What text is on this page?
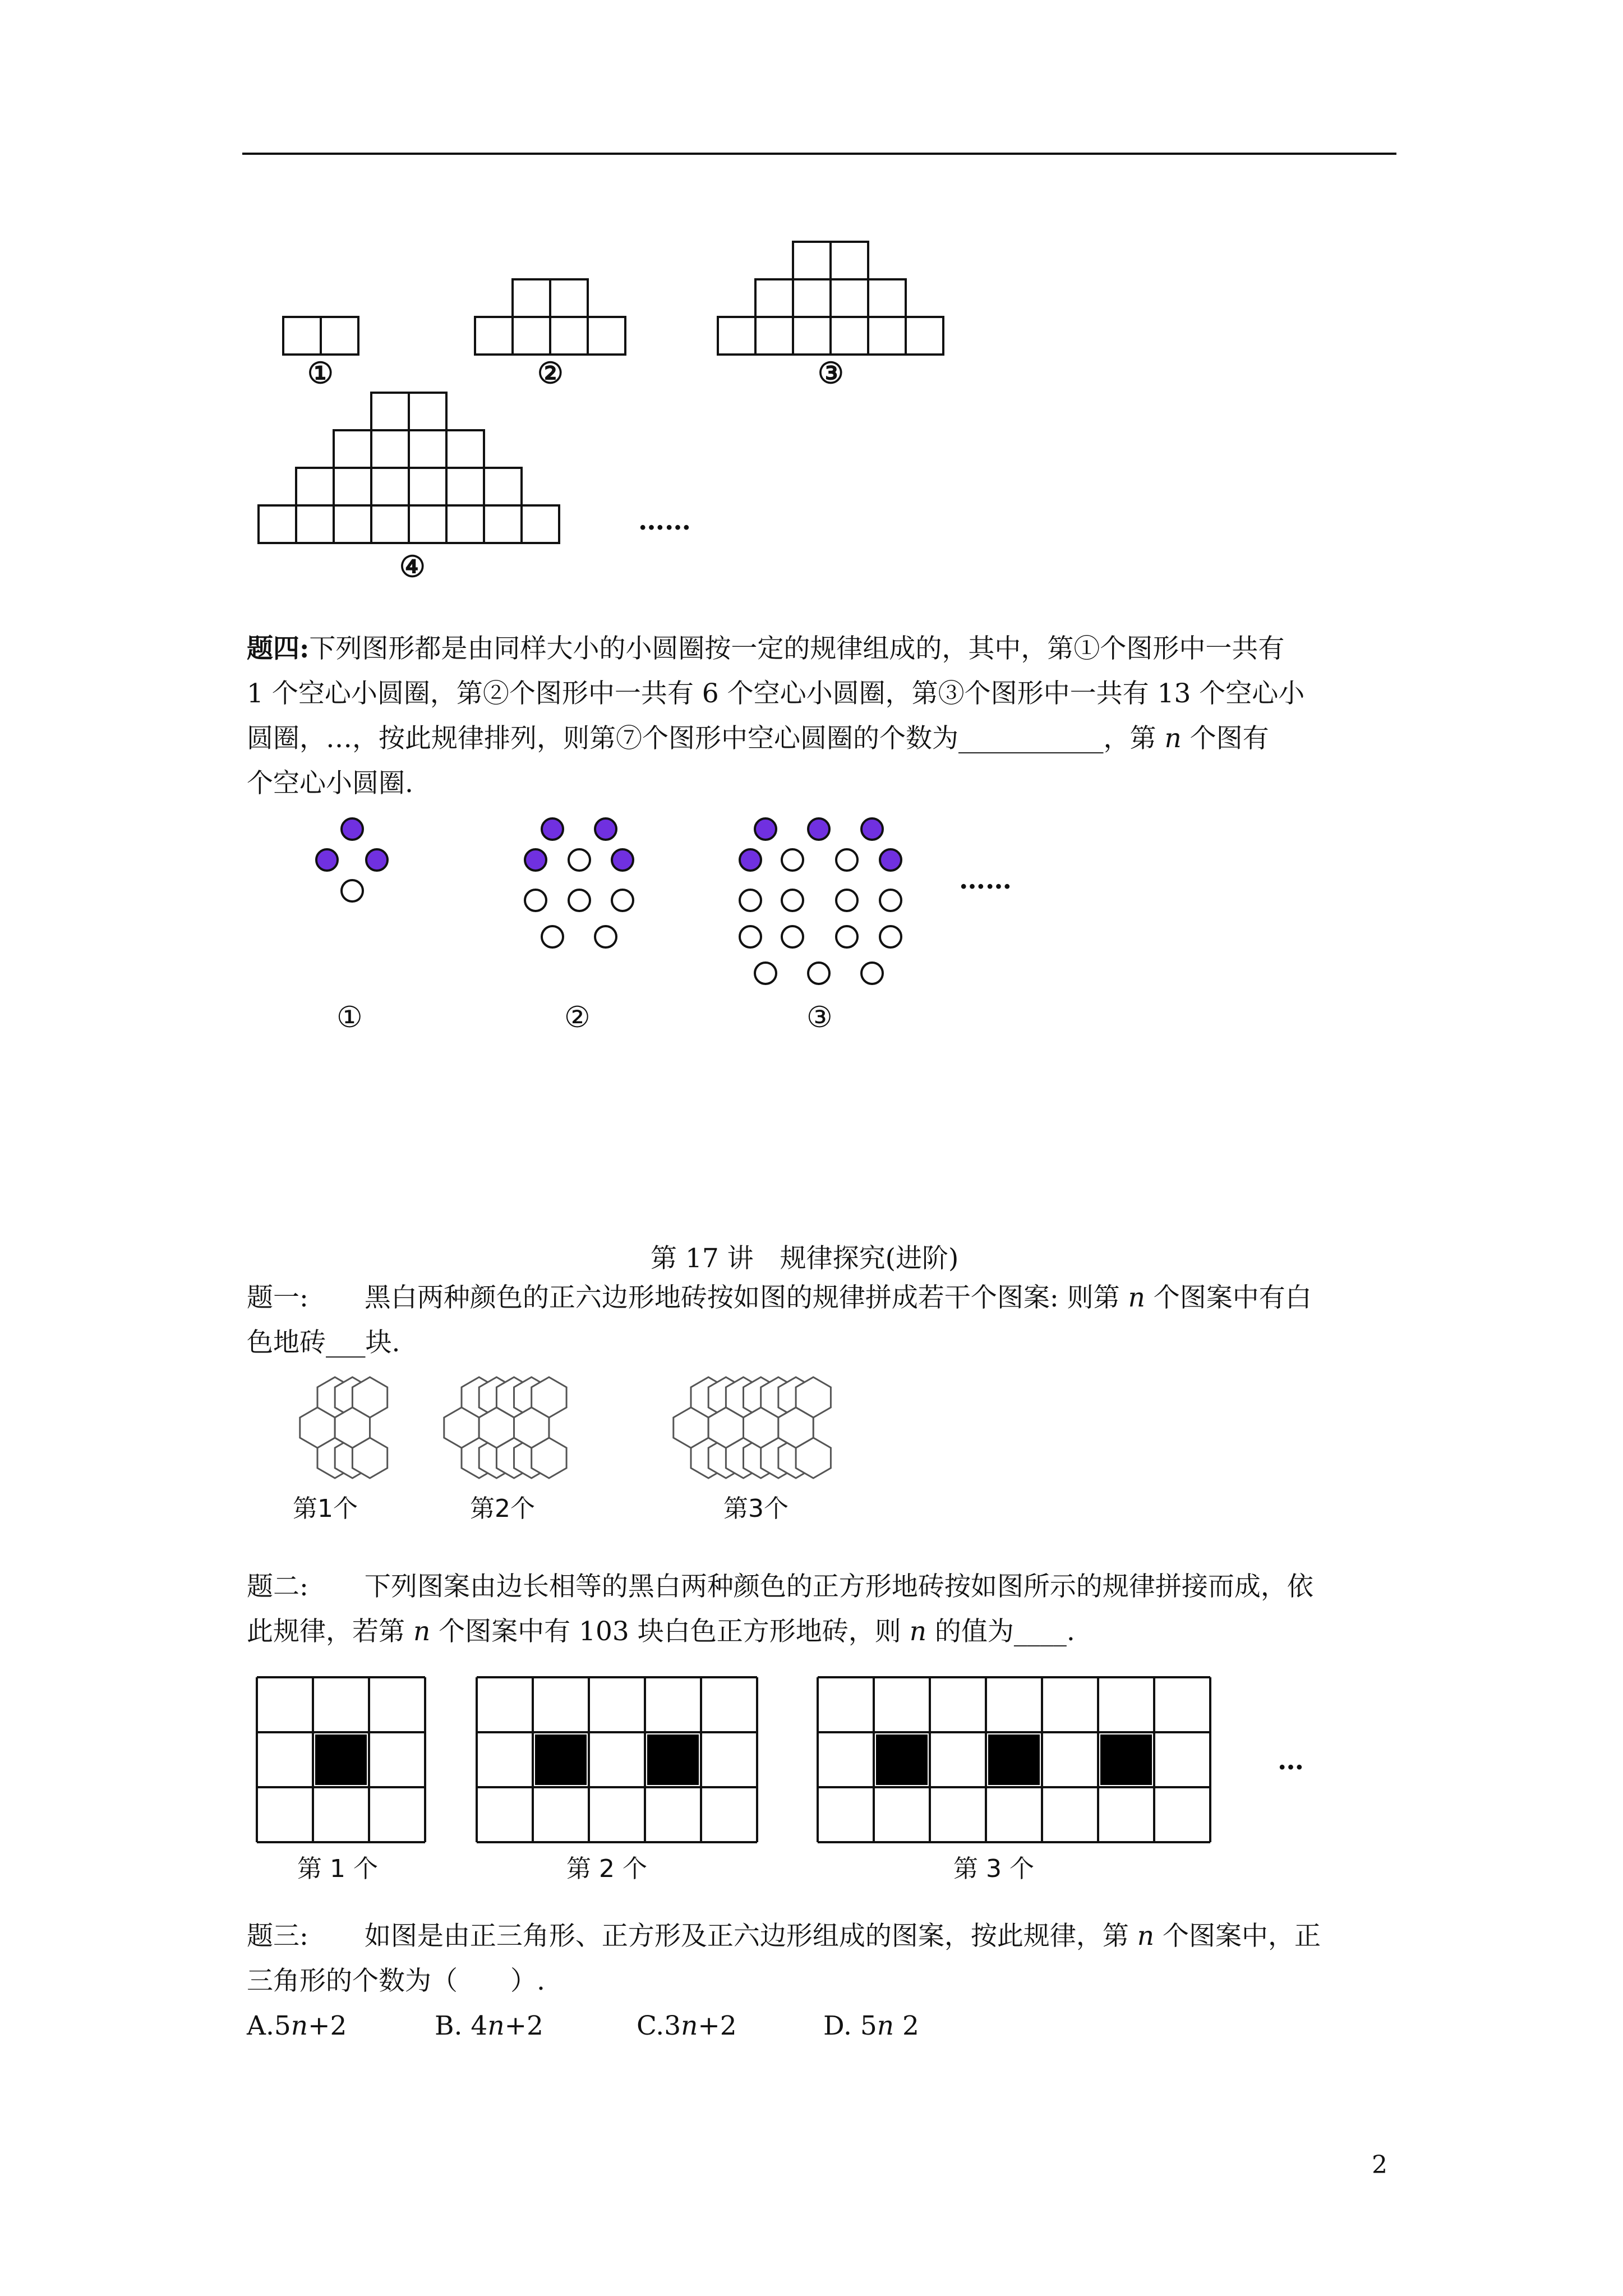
①	②	③
④
……
题四:下列图形都是由同样大小的小圆圈按一定的规律组成的，其中，第①个图形中一共有
1 个空心小圆圈，第②个图形中一共有 6 个空心小圆圈，第③个图形中一共有 13 个空心小
圆圈，…，按此规律排列，则第⑦个图形中空心圆圈的个数为___________，第 n 个图有
个空心小圆圈.
①	②	③
……
第 17 讲　规律探究(进阶)
题一: 黑白两种颜色的正六边形地砖按如图的规律拼成若干个图案: 则第 n 个图案中有白
色地砖___块.
第1个	第2个	第3个
题二: 下列图案由边长相等的黑白两种颜色的正方形地砖按如图所示的规律拼接而成，依
此规律，若第 n 个图案中有 103 块白色正方形地砖，则 n 的值为____.
第 1 个	第 2 个	第 3 个
…
题三: 如图是由正三角形、正方形及正六边形组成的图案，按此规律，第 n 个图案中，正
三角形的个数为（　　）.
A.5n+2	B. 4n+2	C.3n+2	D. 5n 2
2
